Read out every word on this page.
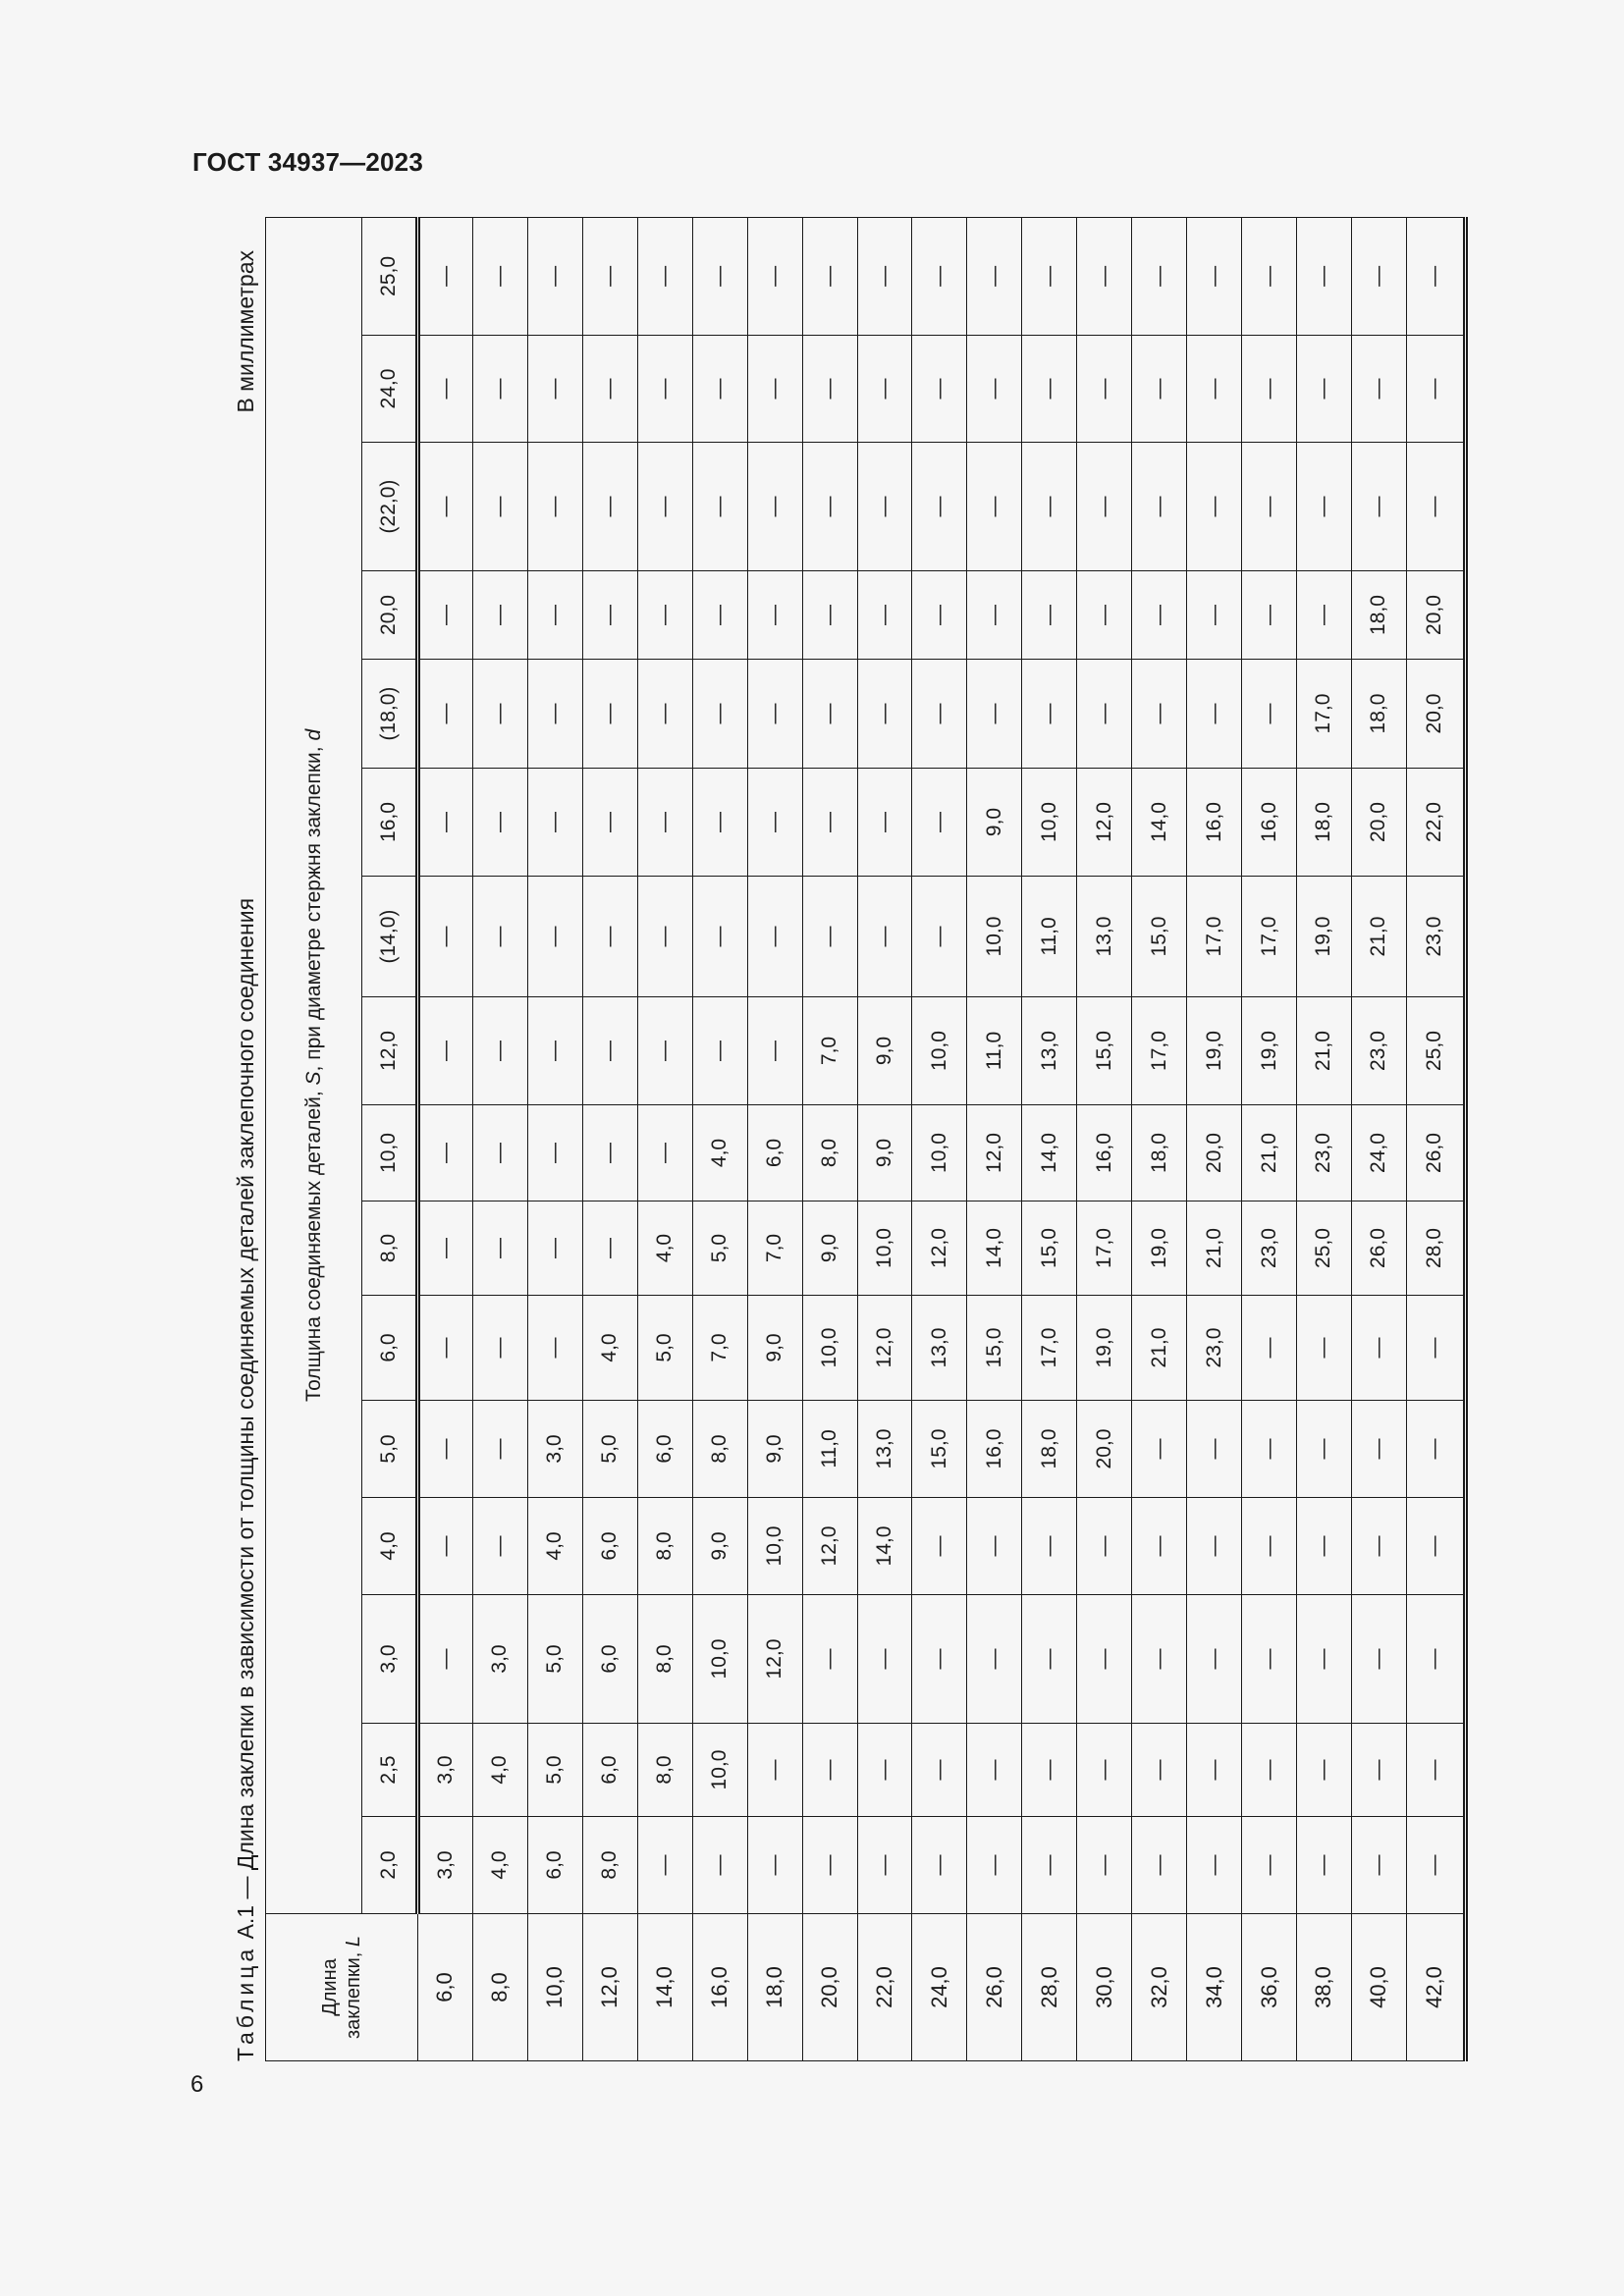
ГОСТ 34937—2023
Таблица А.1 — Длина заклепки в зависимости от толщины соединяемых деталей заклепочного соединения
В миллиметрах
Длина заклепки, L	Толщина соединяемых деталей, S, при диаметре стержня заклепки, d															
	2,0	2,5	3,0	4,0	5,0	6,0	8,0	10,0	12,0	(14,0)	16,0	(18,0)	20,0	(22,0)	24,0	25,0
6,0	3,0	3,0	—	—	—	—	—	—	—	—	—	—	—	—	—	—
8,0	4,0	4,0	3,0	—	—	—	—	—	—	—	—	—	—	—	—	—
10,0	6,0	5,0	5,0	4,0	3,0	—	—	—	—	—	—	—	—	—	—	—
12,0	8,0	6,0	6,0	6,0	5,0	4,0	—	—	—	—	—	—	—	—	—	—
14,0	—	8,0	8,0	8,0	6,0	5,0	4,0	—	—	—	—	—	—	—	—	—
16,0	—	10,0	10,0	9,0	8,0	7,0	5,0	4,0	—	—	—	—	—	—	—	—
18,0	—	—	12,0	10,0	9,0	9,0	7,0	6,0	—	—	—	—	—	—	—	—
20,0	—	—	—	12,0	11,0	10,0	9,0	8,0	7,0	—	—	—	—	—	—	—
22,0	—	—	—	14,0	13,0	12,0	10,0	9,0	9,0	—	—	—	—	—	—	—
24,0	—	—	—	—	15,0	13,0	12,0	10,0	10,0	—	—	—	—	—	—	—
26,0	—	—	—	—	16,0	15,0	14,0	12,0	11,0	10,0	9,0	—	—	—	—	—
28,0	—	—	—	—	18,0	17,0	15,0	14,0	13,0	11,0	10,0	—	—	—	—	—
30,0	—	—	—	—	20,0	19,0	17,0	16,0	15,0	13,0	12,0	—	—	—	—	—
32,0	—	—	—	—	—	21,0	19,0	18,0	17,0	15,0	14,0	—	—	—	—	—
34,0	—	—	—	—	—	23,0	21,0	20,0	19,0	17,0	16,0	—	—	—	—	—
36,0	—	—	—	—	—	—	23,0	21,0	19,0	17,0	16,0	—	—	—	—	—
38,0	—	—	—	—	—	—	25,0	23,0	21,0	19,0	18,0	17,0	—	—	—	—
40,0	—	—	—	—	—	—	26,0	24,0	23,0	21,0	20,0	18,0	18,0	—	—	—
42,0	—	—	—	—	—	—	28,0	26,0	25,0	23,0	22,0	20,0	20,0	—	—	—
6
